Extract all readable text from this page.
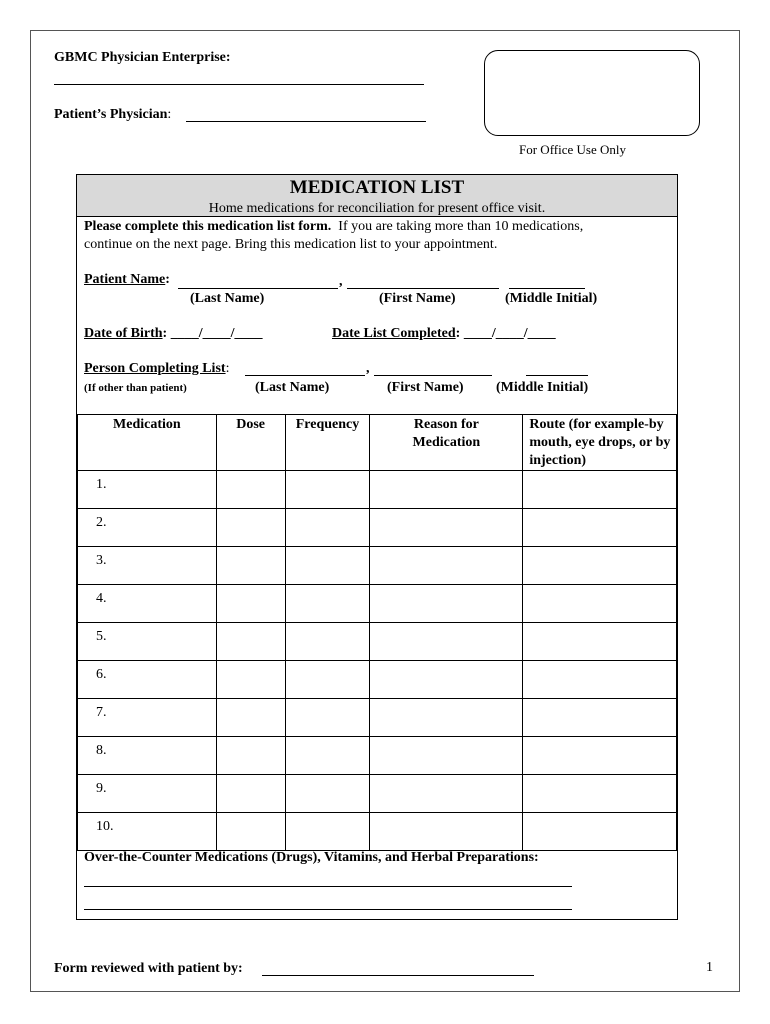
GBMC Physician Enterprise:
Patient’s Physician:
For Office Use Only
MEDICATION LIST
Home medications for reconciliation for present office visit.
Please complete this medication list form.  If you are taking more than 10 medications,
continue on the next page. Bring this medication list to your appointment.
Patient Name:	,
(Last Name)	(First Name)	(Middle Initial)
Date of Birth: ____/____/____	Date List Completed: ____/____/____
Person Completing List:	,
(If other than patient)	(Last Name)	(First Name) (Middle Initial)
Medication	Dose	Frequency	Reason for Medication	Route (for example-by mouth, eye drops, or by injection)
1.				
2.				
3.				
4.				
5.				
6.				
7.				
8.				
9.				
10.				
Over-the-Counter Medications (Drugs), Vitamins, and Herbal Preparations:
Form reviewed with patient by:	1
